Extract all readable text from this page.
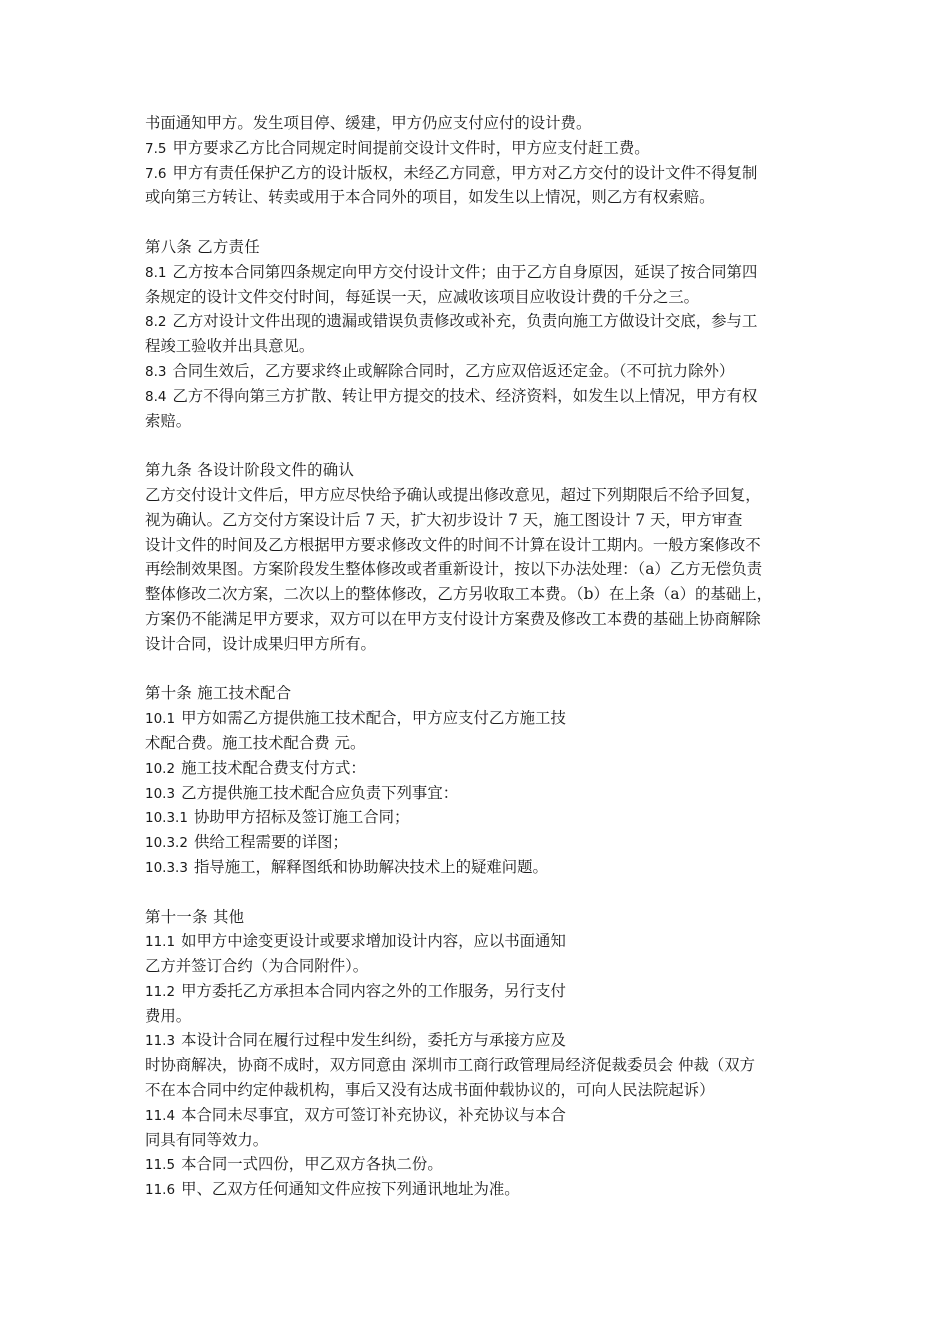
书面通知甲方。发生项目停、缓建，甲方仍应支付应付的设计费。
7.5 甲方要求乙方比合同规定时间提前交设计文件时，甲方应支付赶工费。
7.6 甲方有责任保护乙方的设计版权，未经乙方同意，甲方对乙方交付的设计文件不得复制
或向第三方转让、转卖或用于本合同外的项目，如发生以上情况，则乙方有权索赔。
第八条 乙方责任
8.1 乙方按本合同第四条规定向甲方交付设计文件；由于乙方自身原因，延误了按合同第四
条规定的设计文件交付时间，每延误一天，应减收该项目应收设计费的千分之三。
8.2 乙方对设计文件出现的遗漏或错误负责修改或补充，负责向施工方做设计交底，参与工
程竣工验收并出具意见。
8.3 合同生效后，乙方要求终止或解除合同时，乙方应双倍返还定金。（不可抗力除外）
8.4 乙方不得向第三方扩散、转让甲方提交的技术、经济资料，如发生以上情况，甲方有权
索赔。
第九条 各设计阶段文件的确认
乙方交付设计文件后，甲方应尽快给予确认或提出修改意见，超过下列期限后不给予回复，
视为确认。乙方交付方案设计后 7 天，扩大初步设计 7 天，施工图设计 7 天，甲方审查
设计文件的时间及乙方根据甲方要求修改文件的时间不计算在设计工期内。一般方案修改不
再绘制效果图。方案阶段发生整体修改或者重新设计，按以下办法处理：（a）乙方无偿负责
整体修改二次方案，二次以上的整体修改，乙方另收取工本费。（b）在上条（a）的基础上，
方案仍不能满足甲方要求，双方可以在甲方支付设计方案费及修改工本费的基础上协商解除
设计合同，设计成果归甲方所有。
第十条 施工技术配合
10.1 甲方如需乙方提供施工技术配合，甲方应支付乙方施工技
术配合费。施工技术配合费 元。
10.2 施工技术配合费支付方式：
10.3 乙方提供施工技术配合应负责下列事宜：
10.3.1 协助甲方招标及签订施工合同；
10.3.2 供给工程需要的详图；
10.3.3 指导施工，解释图纸和协助解决技术上的疑难问题。
第十一条 其他
11.1 如甲方中途变更设计或要求增加设计内容，应以书面通知
乙方并签订合约（为合同附件）。
11.2 甲方委托乙方承担本合同内容之外的工作服务，另行支付
费用。
11.3 本设计合同在履行过程中发生纠纷，委托方与承接方应及
时协商解决，协商不成时，双方同意由 深圳市工商行政管理局经济促裁委员会 仲裁（双方
不在本合同中约定仲裁机构，事后又没有达成书面仲载协议的，可向人民法院起诉）
11.4 本合同未尽事宜，双方可签订补充协议，补充协议与本合
同具有同等效力。
11.5 本合同一式四份，甲乙双方各执二份。
11.6 甲、乙双方任何通知文件应按下列通讯地址为准。
